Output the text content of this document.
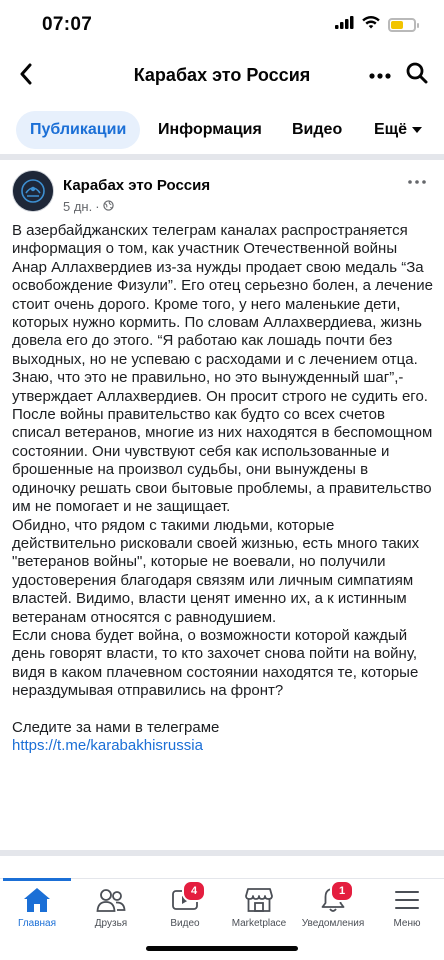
07:07
Карабах это Россия
Публикации	Информация Видео Ещё
Карабах это Россия
5 дн. ·

В азербайджанских телеграм каналах распространяется информация о том, как участник Отечественной войны Анар Аллахвердиев из-за нужды продает свою медаль “За освобождение Физули”. Его отец серьезно болен, а лечение стоит очень дорого. Кроме того, у него маленькие дети, которых нужно кормить. По словам Аллахвердиева, жизнь довела его до этого. “Я работаю как лошадь почти без выходных, но не успеваю с расходами и с лечением отца. Знаю, что это не правильно, но это вынужденный шаг”,- утверждает Аллахвердиев. Он просит строго не судить его.

После войны правительство как будто со всех счетов списал ветеранов, многие из них находятся в беспомощном состоянии. Они чувствуют себя как использованные и брошенные на произвол судьбы, они вынуждены в одиночку решать свои бытовые проблемы, а правительство им не помогает и не защищает.

Обидно, что рядом с такими людьми, которые действительно рисковали своей жизнью, есть много таких "ветеранов войны", которые не воевали, но получили удостоверения благодаря связям или личным симпатиям властей. Видимо, власти ценят именно их, а к истинным ветеранам относятся с равнодушием.

Если снова будет война, о возможности которой каждый день говорят власти, то кто захочет снова пойти на войну, видя в каком плачевном состоянии находятся те, которые нераздумывая отправились на фронт?

Следите за нами в телеграме

https://t.me/karabakhisrussia

Главная	Друзья
4
Видео	Marketplace
1
Уведомления	Меню
